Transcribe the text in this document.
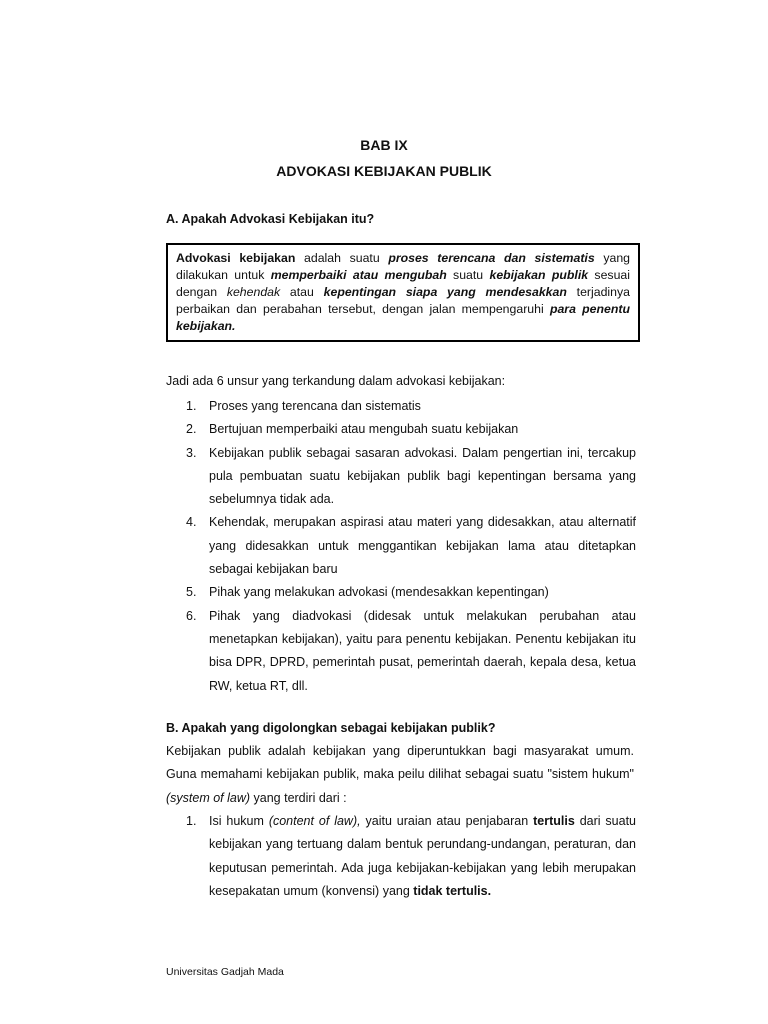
BAB IX
ADVOKASI KEBIJAKAN PUBLIK
A. Apakah Advokasi Kebijakan itu?
Advokasi kebijakan adalah suatu proses terencana dan sistematis yang dilakukan untuk memperbaiki atau mengubah suatu kebijakan publik sesuai dengan kehendak atau kepentingan siapa yang mendesakkan terjadinya perbaikan dan perabahan tersebut, dengan jalan mempengaruhi para penentu kebijakan.
Jadi ada 6 unsur yang terkandung dalam advokasi kebijakan:
1. Proses yang terencana dan sistematis
2. Bertujuan memperbaiki atau mengubah suatu kebijakan
3. Kebijakan publik sebagai sasaran advokasi. Dalam pengertian ini, tercakup pula pembuatan suatu kebijakan publik bagi kepentingan bersama yang sebelumnya tidak ada.
4. Kehendak, merupakan aspirasi atau materi yang didesakkan, atau alternatif yang didesakkan untuk menggantikan kebijakan lama atau ditetapkan sebagai kebijakan baru
5. Pihak yang melakukan advokasi (mendesakkan kepentingan)
6. Pihak yang diadvokasi (didesak untuk melakukan perubahan atau menetapkan kebijakan), yaitu para penentu kebijakan. Penentu kebijakan itu bisa DPR, DPRD, pemerintah pusat, pemerintah daerah, kepala desa, ketua RW, ketua RT, dll.
B. Apakah yang digolongkan sebagai kebijakan publik?
Kebijakan publik adalah kebijakan yang diperuntukkan bagi masyarakat umum. Guna memahami kebijakan publik, maka peilu dilihat sebagai suatu "sistem hukum" (system of law) yang terdiri dari :
1. Isi hukum (content of law), yaitu uraian atau penjabaran tertulis dari suatu kebijakan yang tertuang dalam bentuk perundang-undangan, peraturan, dan keputusan pemerintah. Ada juga kebijakan-kebijakan yang lebih merupakan kesepakatan umum (konvensi) yang tidak tertulis.
Universitas Gadjah Mada
